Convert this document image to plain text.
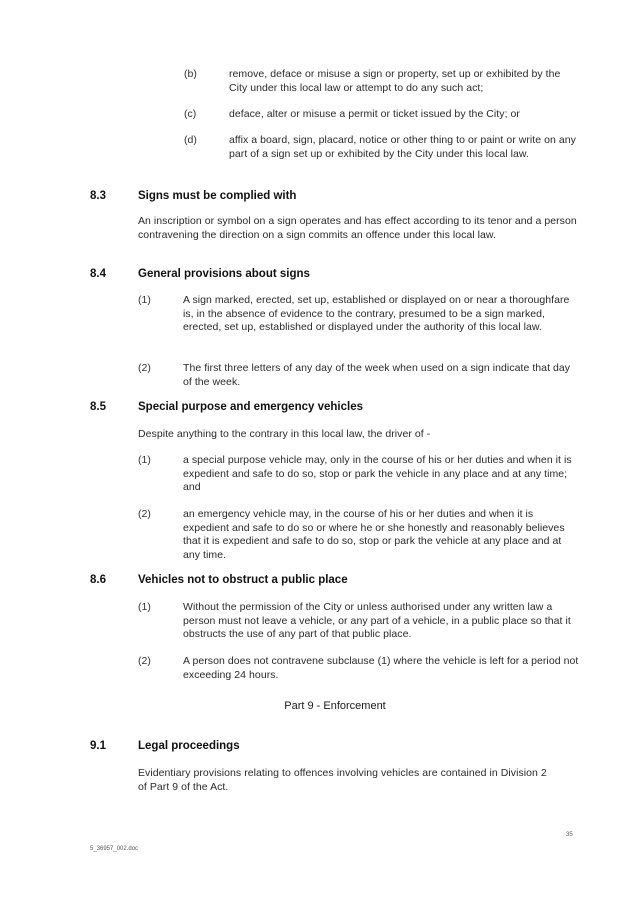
(b)	remove, deface or misuse a sign or property, set up or exhibited by the City under this local law or attempt to do any such act;
(c)	deface, alter or misuse a permit or ticket issued by the City; or
(d)	affix a board, sign, placard, notice or other thing to or paint or write on any part of a sign set up or exhibited by the City under this local law.
8.3	Signs must be complied with
An inscription or symbol on a sign operates and has effect according to its tenor and a person contravening the direction on a sign commits an offence under this local law.
8.4	General provisions about signs
(1)	A sign marked, erected, set up, established or displayed on or near a thoroughfare is, in the absence of evidence to the contrary, presumed to be a sign marked, erected, set up, established or displayed under the authority of this local law.
(2)	The first three letters of any day of the week when used on a sign indicate that day of the week.
8.5	Special purpose and emergency vehicles
Despite anything to the contrary in this local law, the driver of -
(1)	a special purpose vehicle may, only in the course of his or her duties and when it is expedient and safe to do so, stop or park the vehicle in any place and at any time; and
(2)	an emergency vehicle may, in the course of his or her duties and when it is expedient and safe to do so or where he or she honestly and reasonably believes that it is expedient and safe to do so, stop or park the vehicle at any place and at any time.
8.6	Vehicles not to obstruct a public place
(1)	Without the permission of the City or unless authorised under any written law a person must not leave a vehicle, or any part of a vehicle, in a public place so that it obstructs the use of any part of that public place.
(2)	A person does not contravene subclause (1) where the vehicle is left for a period not exceeding 24 hours.
Part 9 - Enforcement
9.1	Legal proceedings
Evidentiary provisions relating to offences involving vehicles are contained in Division 2 of Part 9 of the Act.
5_36957_002.doc
35
